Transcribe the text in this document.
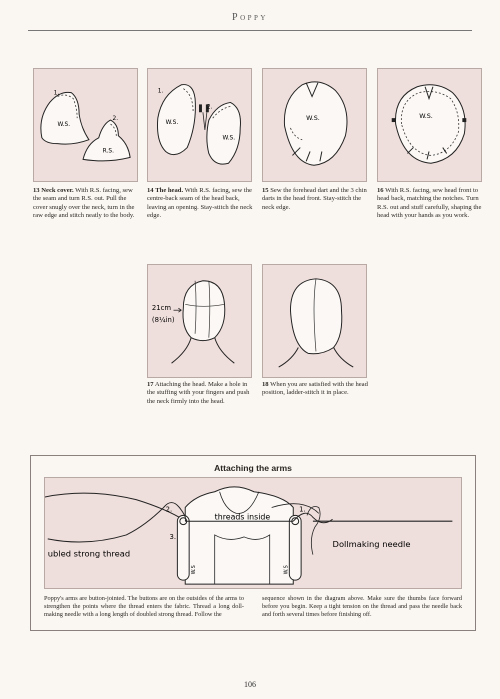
Poppy
1.
W.S.
2.
R.S.
13 Neck cover. With R.S. facing, sew the seam and turn R.S. out. Pull the cover snugly over the neck, turn in the raw edge and stitch neatly to the body.
1.
W.S.
2.
W.S.
14 The head. With R.S. facing, sew the centre-back seam of the head back, leaving an opening. Stay-stitch the neck edge.
W.S.
15 Sew the forehead dart and the 3 chin darts in the head front. Stay-stitch the neck edge.
W.S.
16 With R.S. facing, sew head front to head back, matching the notches. Turn R.S. out and stuff carefully, shaping the head with your hands as you work.
21cm
(8¼in)
17 Attaching the head. Make a hole in the stuffing with your fingers and push the neck firmly into the head.
18 When you are satisfied with the head position, ladder-stitch it in place.
Attaching the arms
2.
3.
1.
threads inside
ubled strong thread
Dollmaking needle
W.S	W.S
Poppy's arms are button-jointed. The buttons are on the outsides of the arms to strengthen the points where the thread enters the fabric. Thread a long doll-making needle with a long length of doubled strong thread. Follow the
sequence shown in the diagram above. Make sure the thumbs face forward before you begin. Keep a tight tension on the thread and pass the needle back and forth several times before finishing off.
106
